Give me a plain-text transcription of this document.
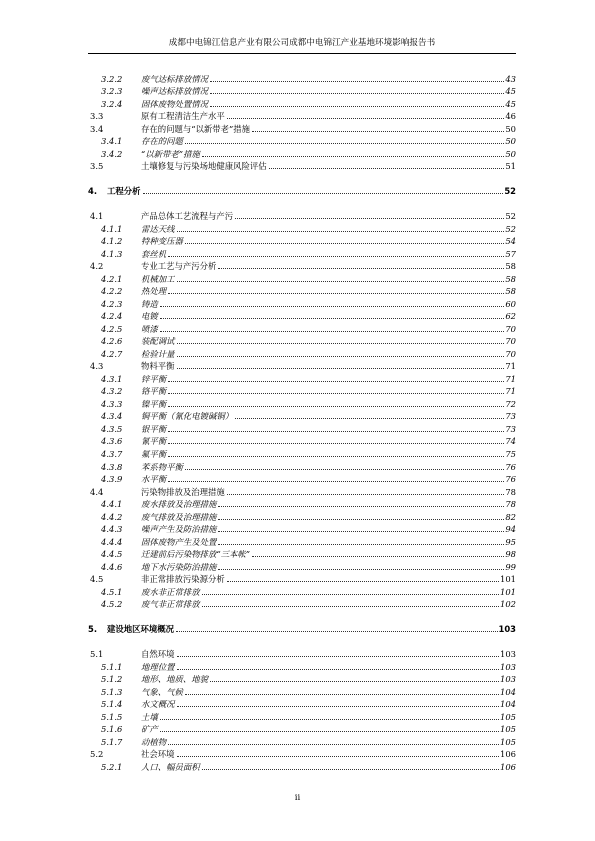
成都中电锦江信息产业有限公司成都中电锦江产业基地环境影响报告书
3.2.2	废气达标排放情况	43
3.2.3	噪声达标排放情况	45
3.2.4	固体废物处置情况	45
3.3	原有工程清洁生产水平	46
3.4	存在的问题与“以新带老”措施	50
3.4.1	存在的问题	50
3.4.2	“以新带老”措施	50
3.5	土壤修复与污染场地健康风险评估	51
4.	工程分析	52
4.1	产品总体工艺流程与产污	52
4.1.1	雷达天线	52
4.1.2	特种变压器	54
4.1.3	套丝机	57
4.2	专业工艺与产污分析	58
4.2.1	机械加工	58
4.2.2	热处理	58
4.2.3	铸造	60
4.2.4	电镀	62
4.2.5	喷漆	70
4.2.6	装配调试	70
4.2.7	检验计量	70
4.3	物料平衡	71
4.3.1	锌平衡	71
4.3.2	铬平衡	71
4.3.3	镍平衡	72
4.3.4	铜平衡（氰化电镀碱铜）	73
4.3.5	银平衡	73
4.3.6	氰平衡	74
4.3.7	氟平衡	75
4.3.8	苯系物平衡	76
4.3.9	水平衡	76
4.4	污染物排放及治理措施	78
4.4.1	废水排放及治理措施	78
4.4.2	废气排放及治理措施	82
4.4.3	噪声产生及防治措施	94
4.4.4	固体废物产生及处置	95
4.4.5	迁建前后污染物排放“三本帐”	98
4.4.6	地下水污染防治措施	99
4.5	非正常排放污染源分析	101
4.5.1	废水非正常排放	101
4.5.2	废气非正常排放	102
5.	建设地区环境概况	103
5.1	自然环境	103
5.1.1	地理位置	103
5.1.2	地形、地质、地貌	103
5.1.3	气象、气候	104
5.1.4	水文概况	104
5.1.5	土壤	105
5.1.6	矿产	105
5.1.7	动植物	105
5.2	社会环境	106
5.2.1	人口、幅员面积	106
ii
